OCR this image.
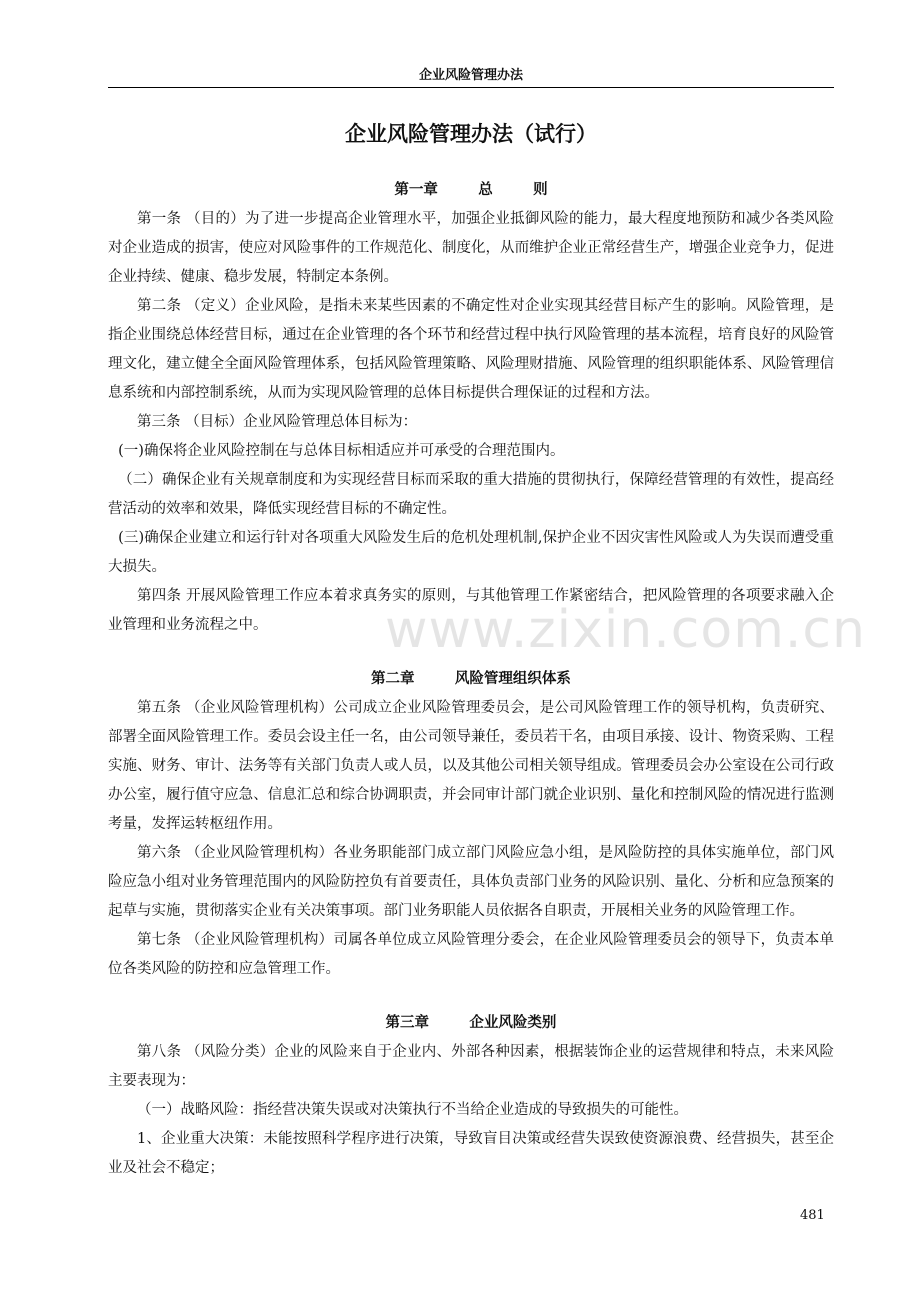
企业风险管理办法
企业风险管理办法（试行）
第一章        总        则

第一条 （目的）为了进一步提高企业管理水平，加强企业抵御风险的能力，最大程度地预防和减少各类风险对企业造成的损害，使应对风险事件的工作规范化、制度化，从而维护企业正常经营生产，增强企业竞争力，促进企业持续、健康、稳步发展，特制定本条例。

第二条 （定义）企业风险，是指未来某些因素的不确定性对企业实现其经营目标产生的影响。风险管理，是指企业围绕总体经营目标，通过在企业管理的各个环节和经营过程中执行风险管理的基本流程，培育良好的风险管理文化，建立健全全面风险管理体系，包括风险管理策略、风险理财措施、风险管理的组织职能体系、风险管理信息系统和内部控制系统，从而为实现风险管理的总体目标提供合理保证的过程和方法。

第三条 （目标）企业风险管理总体目标为：

(一)确保将企业风险控制在与总体目标相适应并可承受的合理范围内。

（二）确保企业有关规章制度和为实现经营目标而采取的重大措施的贯彻执行，保障经营管理的有效性，提高经营活动的效率和效果，降低实现经营目标的不确定性。

(三)确保企业建立和运行针对各项重大风险发生后的危机处理机制,保护企业不因灾害性风险或人为失误而遭受重大损失。

第四条 开展风险管理工作应本着求真务实的原则，与其他管理工作紧密结合，把风险管理的各项要求融入企业管理和业务流程之中。

第二章        风险管理组织体系

第五条 （企业风险管理机构）公司成立企业风险管理委员会，是公司风险管理工作的领导机构，负责研究、部署全面风险管理工作。委员会设主任一名，由公司领导兼任，委员若干名，由项目承接、设计、物资采购、工程实施、财务、审计、法务等有关部门负责人或人员，以及其他公司相关领导组成。管理委员会办公室设在公司行政办公室，履行值守应急、信息汇总和综合协调职责，并会同审计部门就企业识别、量化和控制风险的情况进行监测考量，发挥运转枢纽作用。

第六条 （企业风险管理机构）各业务职能部门成立部门风险应急小组，是风险防控的具体实施单位，部门风险应急小组对业务管理范围内的风险防控负有首要责任，具体负责部门业务的风险识别、量化、分析和应急预案的起草与实施，贯彻落实企业有关决策事项。部门业务职能人员依据各自职责，开展相关业务的风险管理工作。

第七条 （企业风险管理机构）司属各单位成立风险管理分委会，在企业风险管理委员会的领导下，负责本单位各类风险的防控和应急管理工作。

第三章        企业风险类别

第八条 （风险分类）企业的风险来自于企业内、外部各种因素，根据装饰企业的运营规律和特点，未来风险主要表现为：

（一）战略风险：指经营决策失误或对决策执行不当给企业造成的导致损失的可能性。

1、企业重大决策：未能按照科学程序进行决策，导致盲目决策或经营失误致使资源浪费、经营损失，甚至企业及社会不稳定；

www.zixin.com.cn
481
